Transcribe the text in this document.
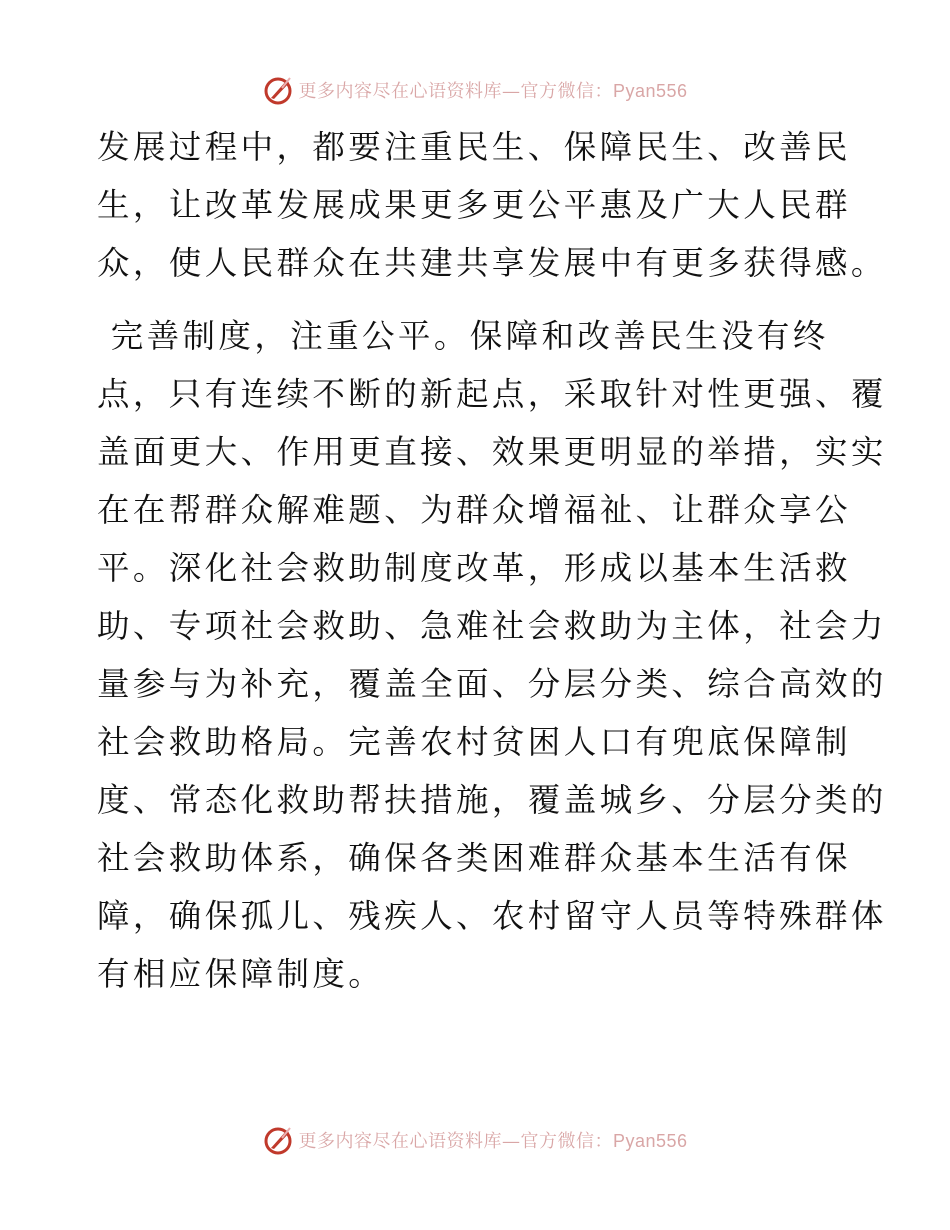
更多内容尽在心语资料库—官方微信：Pyan556
发展过程中，都要注重民生、保障民生、改善民
生，让改革发展成果更多更公平惠及广大人民群
众，使人民群众在共建共享发展中有更多获得感。
完善制度，注重公平。保障和改善民生没有终
点，只有连续不断的新起点，采取针对性更强、覆
盖面更大、作用更直接、效果更明显的举措，实实
在在帮群众解难题、为群众增福祉、让群众享公
平。深化社会救助制度改革，形成以基本生活救
助、专项社会救助、急难社会救助为主体，社会力
量参与为补充，覆盖全面、分层分类、综合高效的
社会救助格局。完善农村贫困人口有兜底保障制
度、常态化救助帮扶措施，覆盖城乡、分层分类的
社会救助体系，确保各类困难群众基本生活有保
障，确保孤儿、残疾人、农村留守人员等特殊群体
有相应保障制度。
更多内容尽在心语资料库—官方微信：Pyan556
